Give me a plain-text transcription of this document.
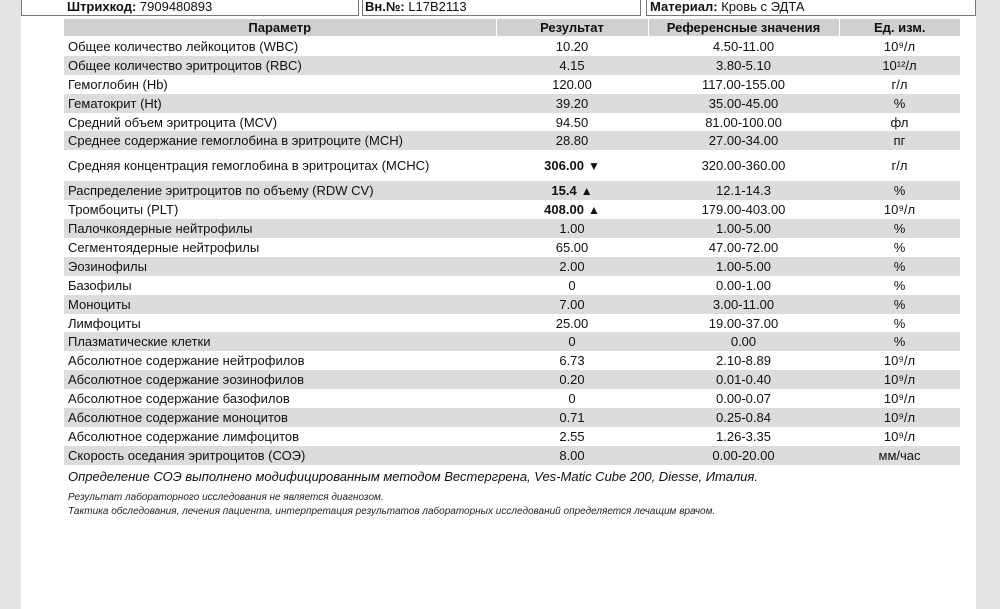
Штрихкод: 7909480893	Вн.№: L17B2113	Материал: Кровь с ЭДТА
Параметр	Результат	Референсные значения	Ед. изм.
Общее количество лейкоцитов (WBC)	10.20	4.50-11.00	10⁹/л
Общее количество эритроцитов (RBC)	4.15	3.80-5.10	10¹²/л
Гемоглобин (Hb)	120.00	117.00-155.00	г/л
Гематокрит (Ht)	39.20	35.00-45.00	%
Средний объем эритроцита (MCV)	94.50	81.00-100.00	фл
Среднее содержание гемоглобина в эритроците (MCH)	28.80	27.00-34.00	пг
Средняя концентрация гемоглобина в эритроцитах (MCHC)	306.00 ▼	320.00-360.00	г/л
Распределение эритроцитов по объему (RDW CV)	15.4 ▲	12.1-14.3	%
Тромбоциты (PLT)	408.00 ▲	179.00-403.00	10⁹/л
Палочкоядерные нейтрофилы	1.00	1.00-5.00	%
Сегментоядерные нейтрофилы	65.00	47.00-72.00	%
Эозинофилы	2.00	1.00-5.00	%
Базофилы	0	0.00-1.00	%
Моноциты	7.00	3.00-11.00	%
Лимфоциты	25.00	19.00-37.00	%
Плазматические клетки	0	0.00	%
Абсолютное содержание нейтрофилов	6.73	2.10-8.89	10⁹/л
Абсолютное содержание эозинофилов	0.20	0.01-0.40	10⁹/л
Абсолютное содержание базофилов	0	0.00-0.07	10⁹/л
Абсолютное содержание моноцитов	0.71	0.25-0.84	10⁹/л
Абсолютное содержание лимфоцитов	2.55	1.26-3.35	10⁹/л
Скорость оседания эритроцитов (СОЭ)	8.00	0.00-20.00	мм/час
Определение СОЭ выполнено модифицированным методом Вестергрена, Ves-Matic Cube 200, Diesse, Италия.
Результат лабораторного исследования не является диагнозом.
Тактика обследования, лечения пациента, интерпретация результатов лабораторных исследований определяется лечащим врачом.
